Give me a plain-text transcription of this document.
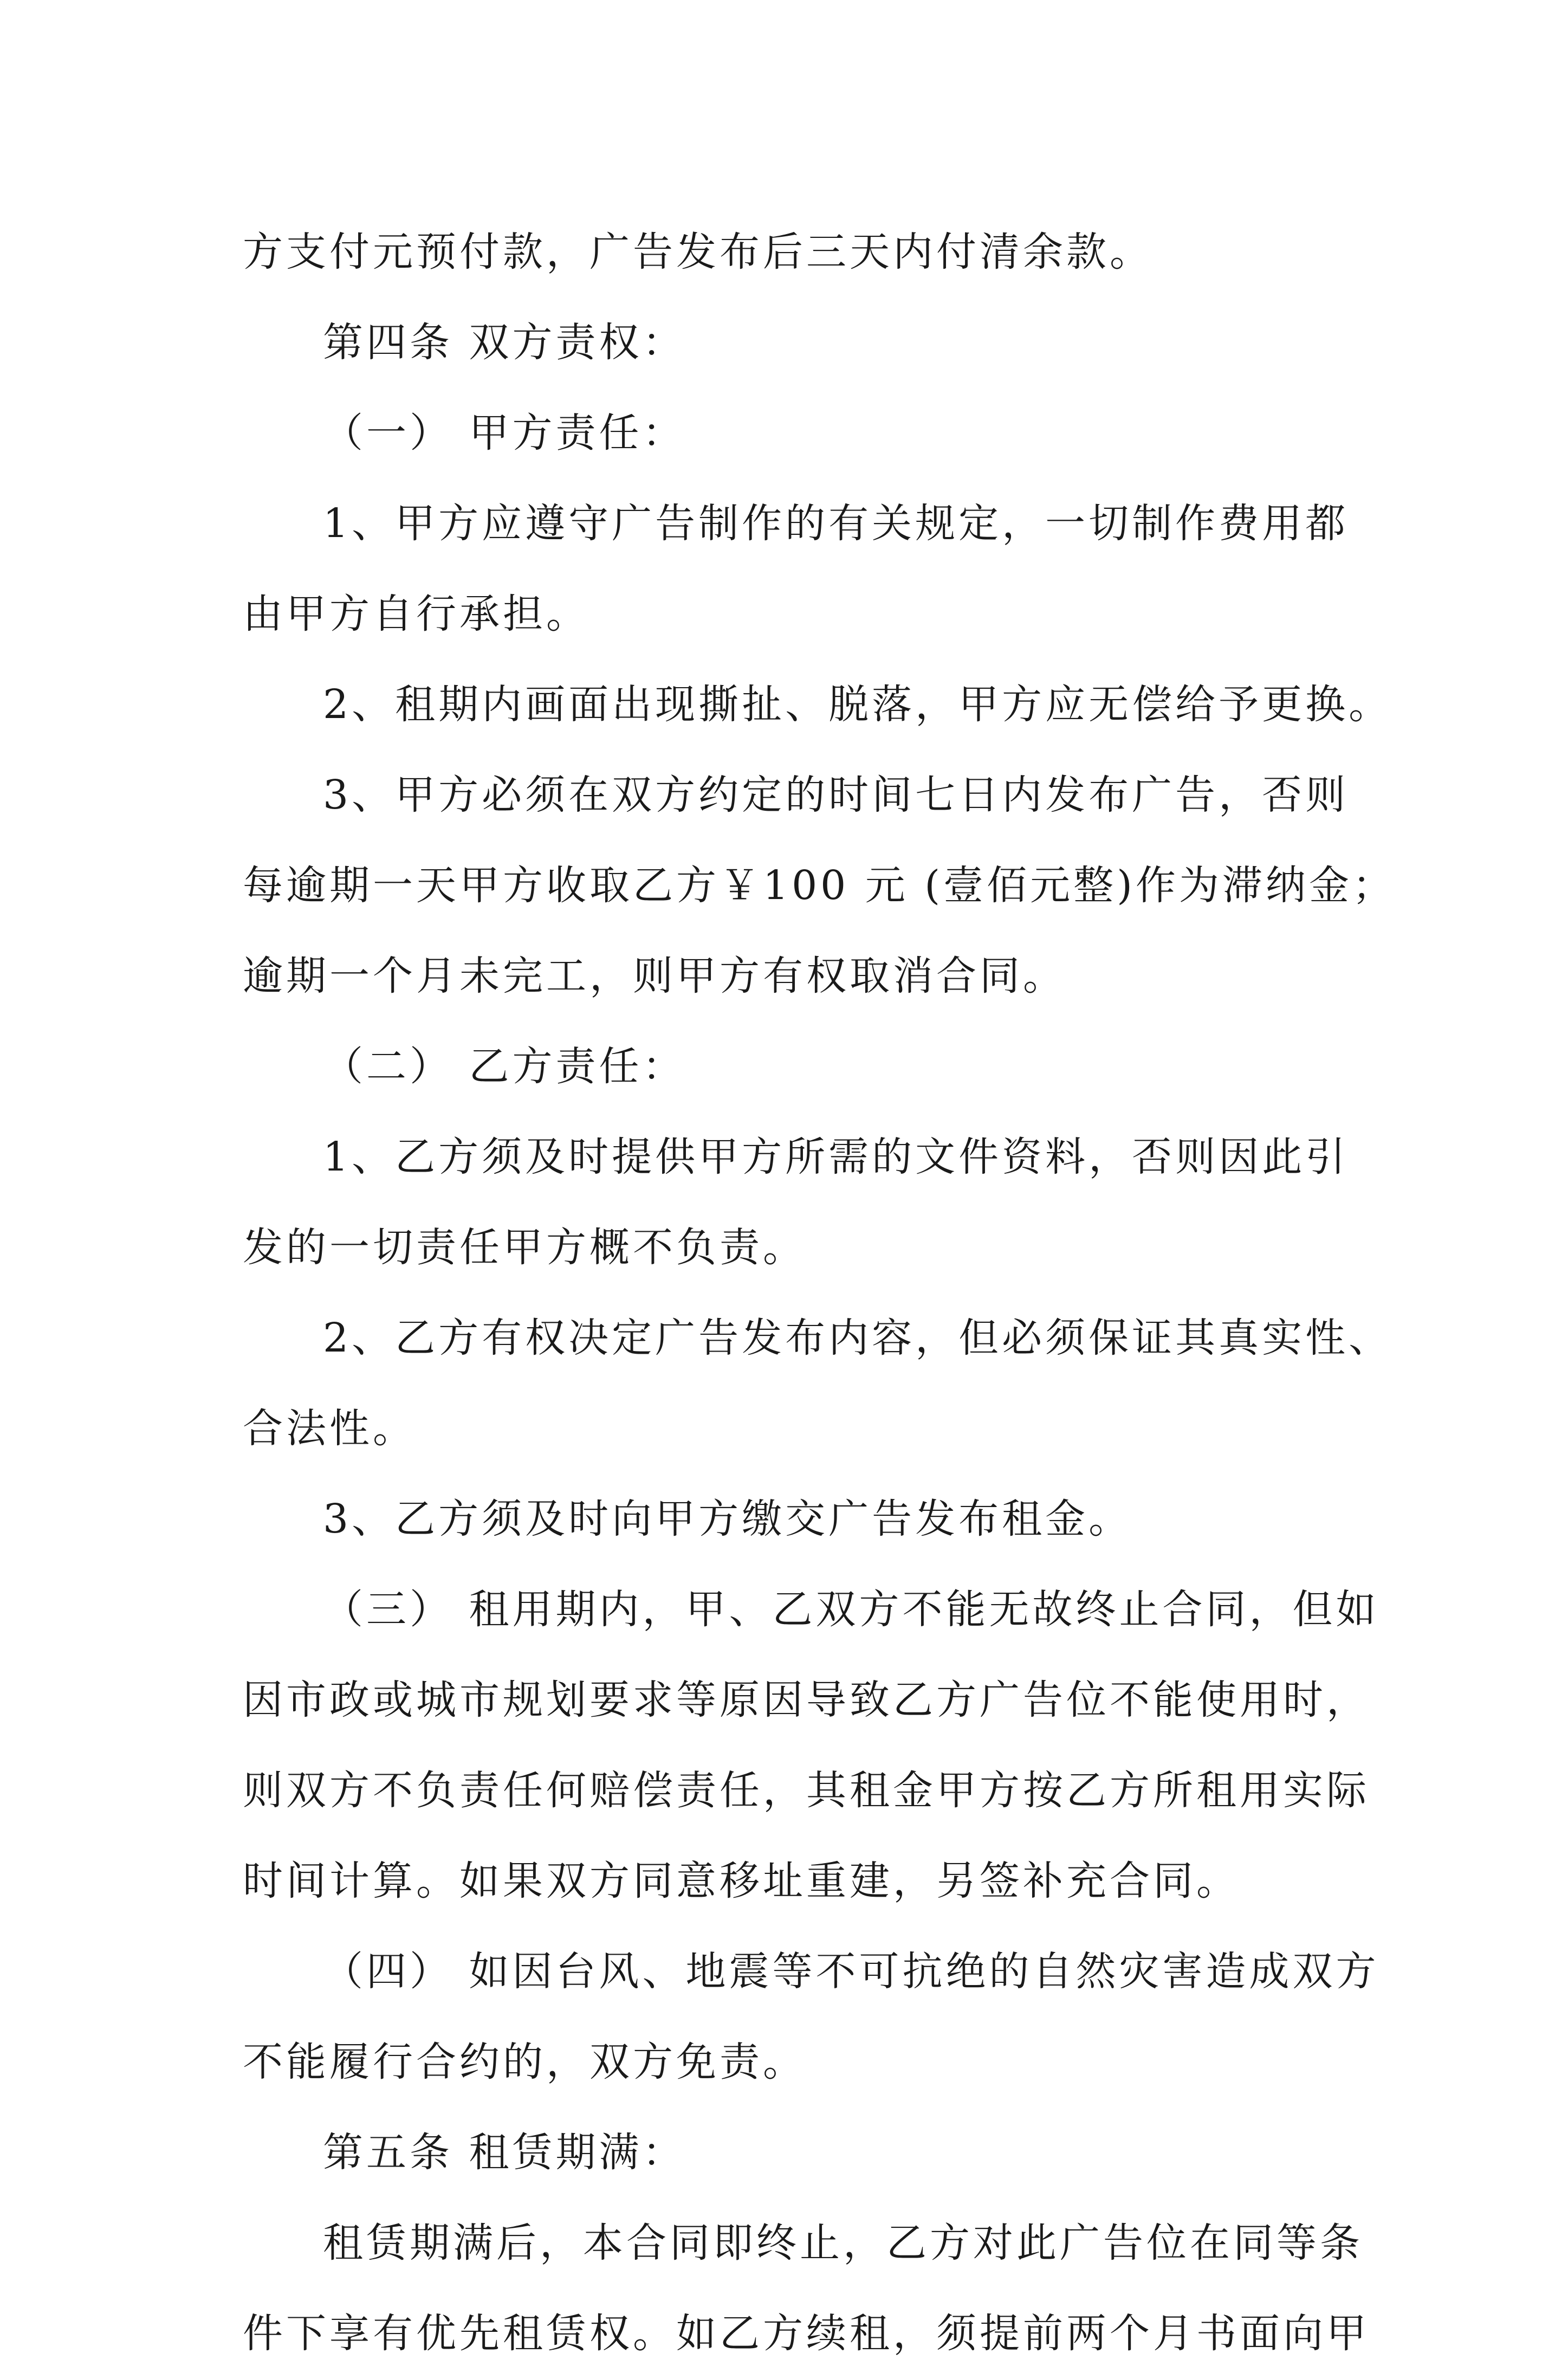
方支付元预付款，广告发布后三天内付清余款。
第四条 双方责权：
（一） 甲方责任：
1、甲方应遵守广告制作的有关规定，一切制作费用都
由甲方自行承担。
2、租期内画面出现撕扯、脱落，甲方应无偿给予更换。
3、甲方必须在双方约定的时间七日内发布广告，否则
每逾期一天甲方收取乙方￥100 元 (壹佰元整)作为滞纳金；
逾期一个月未完工，则甲方有权取消合同。
（二） 乙方责任：
1、乙方须及时提供甲方所需的文件资料，否则因此引
发的一切责任甲方概不负责。
2、乙方有权决定广告发布内容，但必须保证其真实性、
合法性。
3、乙方须及时向甲方缴交广告发布租金。
（三） 租用期内，甲、乙双方不能无故终止合同，但如
因市政或城市规划要求等原因导致乙方广告位不能使用时，
则双方不负责任何赔偿责任，其租金甲方按乙方所租用实际
时间计算。如果双方同意移址重建，另签补充合同。
（四） 如因台风、地震等不可抗绝的自然灾害造成双方
不能履行合约的，双方免责。
第五条 租赁期满：
租赁期满后，本合同即终止，乙方对此广告位在同等条
件下享有优先租赁权。如乙方续租，须提前两个月书面向甲
